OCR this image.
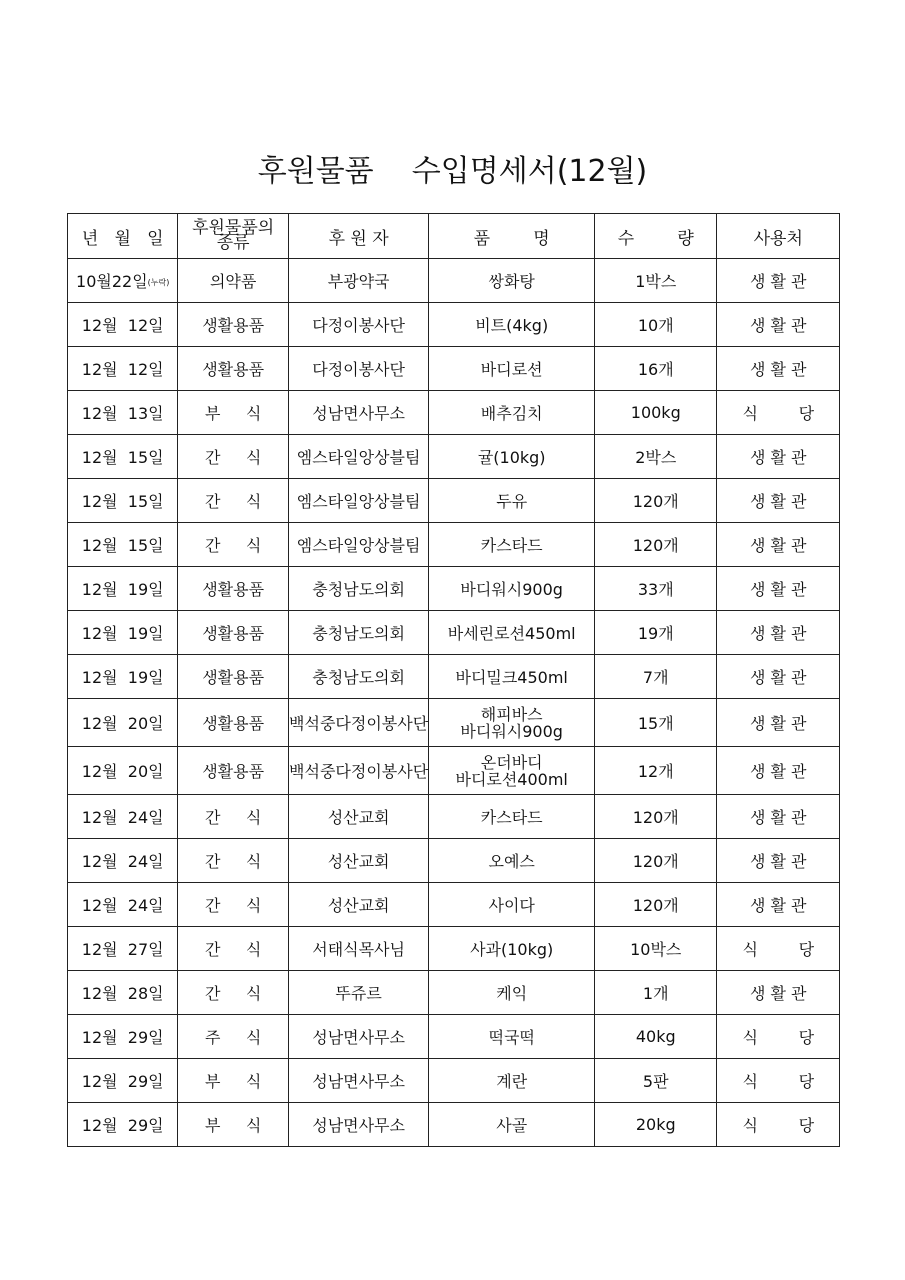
후원물품    수입명세서(12월)
년   월   일	후원물품의
종류	후 원 자	품        명	수        량	사용처
10월22일(누락)	의약품	부광약국	쌍화탕	1박스	생 활 관
12월  12일	생활용품	다정이봉사단	비트(4kg)	10개	생 활 관
12월  12일	생활용품	다정이봉사단	바디로션	16개	생 활 관
12월  13일	부     식	성남면사무소	배추김치	100kg	식        당
12월  15일	간     식	엠스타일앙상블팀	귤(10kg)	2박스	생 활 관
12월  15일	간     식	엠스타일앙상블팀	두유	120개	생 활 관
12월  15일	간     식	엠스타일앙상블팀	카스타드	120개	생 활 관
12월  19일	생활용품	충청남도의회	바디워시900g	33개	생 활 관
12월  19일	생활용품	충청남도의회	바세린로션450ml	19개	생 활 관
12월  19일	생활용품	충청남도의회	바디밀크450ml	7개	생 활 관
12월  20일	생활용품	백석중다정이봉사단	해피바스
바디워시900g	15개	생 활 관
12월  20일	생활용품	백석중다정이봉사단	온더바디
바디로션400ml	12개	생 활 관
12월  24일	간     식	성산교회	카스타드	120개	생 활 관
12월  24일	간     식	성산교회	오예스	120개	생 활 관
12월  24일	간     식	성산교회	사이다	120개	생 활 관
12월  27일	간     식	서태식목사님	사과(10kg)	10박스	식        당
12월  28일	간     식	뚜쥬르	케익	1개	생 활 관
12월  29일	주     식	성남면사무소	떡국떡	40kg	식        당
12월  29일	부     식	성남면사무소	계란	5판	식        당
12월  29일	부     식	성남면사무소	사골	20kg	식        당
